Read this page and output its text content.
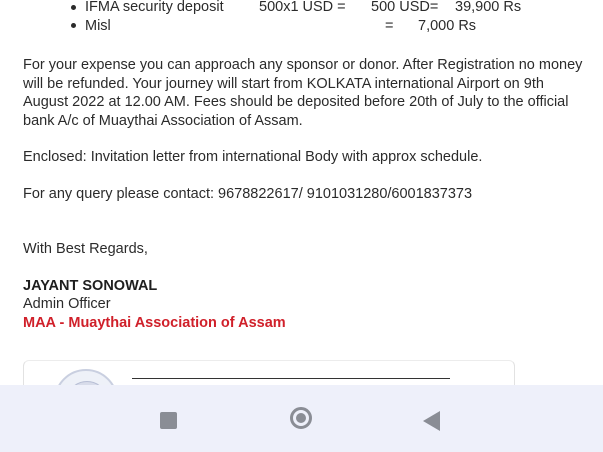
IFMA security deposit 500x1 USD = 500 USD= 39,900 Rs
Misl	= 7,000 Rs
For your expense you can approach any sponsor or donor. After Registration no money will be refunded. Your journey will start from KOLKATA international Airport on 9th August 2022 at 12.00 AM. Fees should be deposited before 20th of July to the official bank A/c of Muaythai Association of Assam.
Enclosed: Invitation letter from international Body with approx schedule.
For any query please contact: 9678822617/ 9101031280/6001837373
With Best Regards,
JAYANT SONOWAL
Admin Officer
MAA - Muaythai Association of Assam
